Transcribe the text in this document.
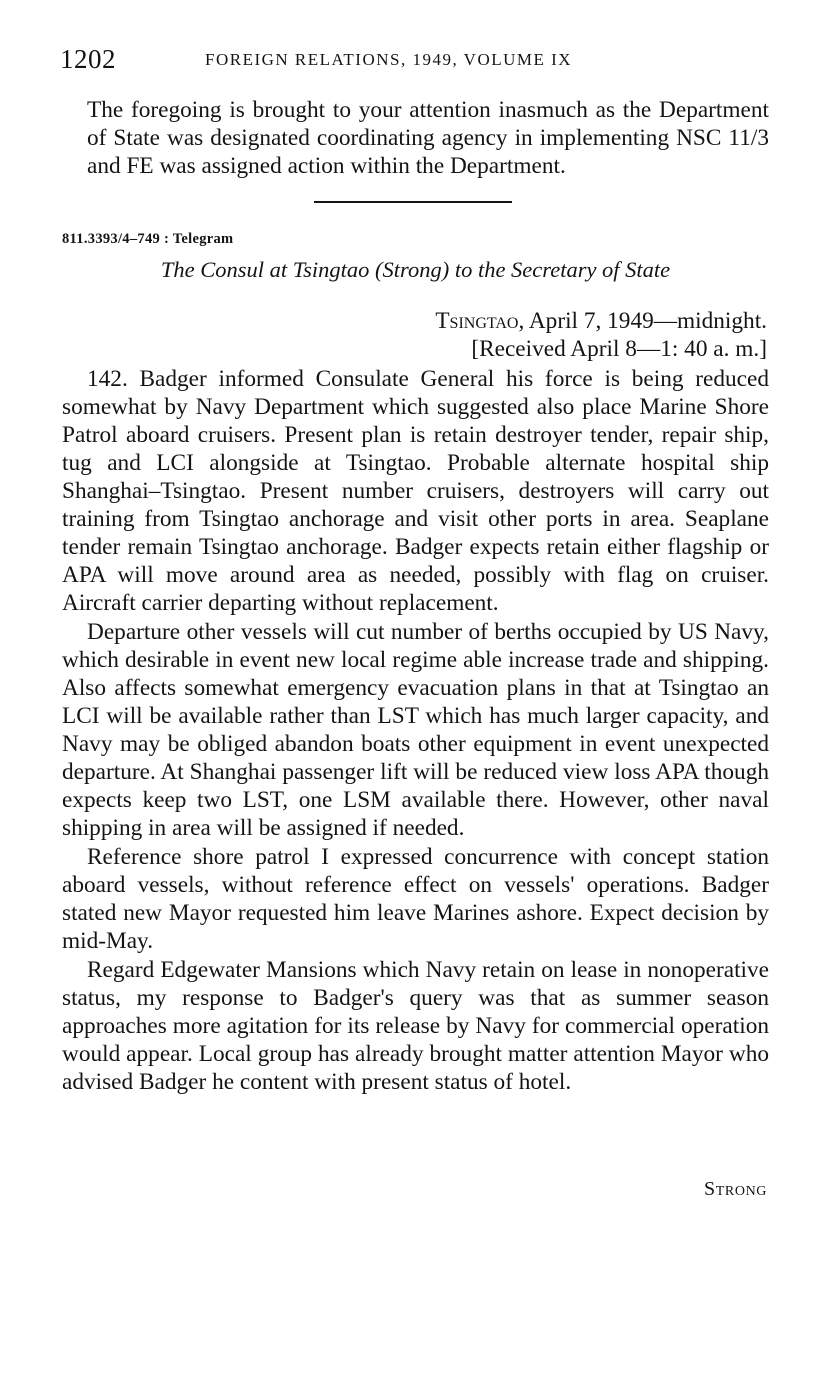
1202	FOREIGN RELATIONS, 1949, VOLUME IX

The foregoing is brought to your attention inasmuch as the Department of State was designated coordinating agency in implementing NSC 11/3 and FE was assigned action within the Department.

811.3393/4–749 : Telegram
The Consul at Tsingtao (Strong) to the Secretary of State
Tsingtao, April 7, 1949—midnight.
[Received April 8—1: 40 a. m.]

142. Badger informed Consulate General his force is being reduced somewhat by Navy Department which suggested also place Marine Shore Patrol aboard cruisers. Present plan is retain destroyer tender, repair ship, tug and LCI alongside at Tsingtao. Probable alternate hospital ship Shanghai–Tsingtao. Present number cruisers, destroyers will carry out training from Tsingtao anchorage and visit other ports in area. Seaplane tender remain Tsingtao anchorage. Badger expects retain either flagship or APA will move around area as needed, possibly with flag on cruiser. Aircraft carrier departing without replacement.

Departure other vessels will cut number of berths occupied by US Navy, which desirable in event new local regime able increase trade and shipping. Also affects somewhat emergency evacuation plans in that at Tsingtao an LCI will be available rather than LST which has much larger capacity, and Navy may be obliged abandon boats other equipment in event unexpected departure. At Shanghai passenger lift will be reduced view loss APA though expects keep two LST, one LSM available there. However, other naval shipping in area will be assigned if needed.

Reference shore patrol I expressed concurrence with concept station aboard vessels, without reference effect on vessels' operations. Badger stated new Mayor requested him leave Marines ashore. Expect decision by mid-May.

Regard Edgewater Mansions which Navy retain on lease in nonoperative status, my response to Badger's query was that as summer season approaches more agitation for its release by Navy for commercial operation would appear. Local group has already brought matter attention Mayor who advised Badger he content with present status of hotel.

Strong
